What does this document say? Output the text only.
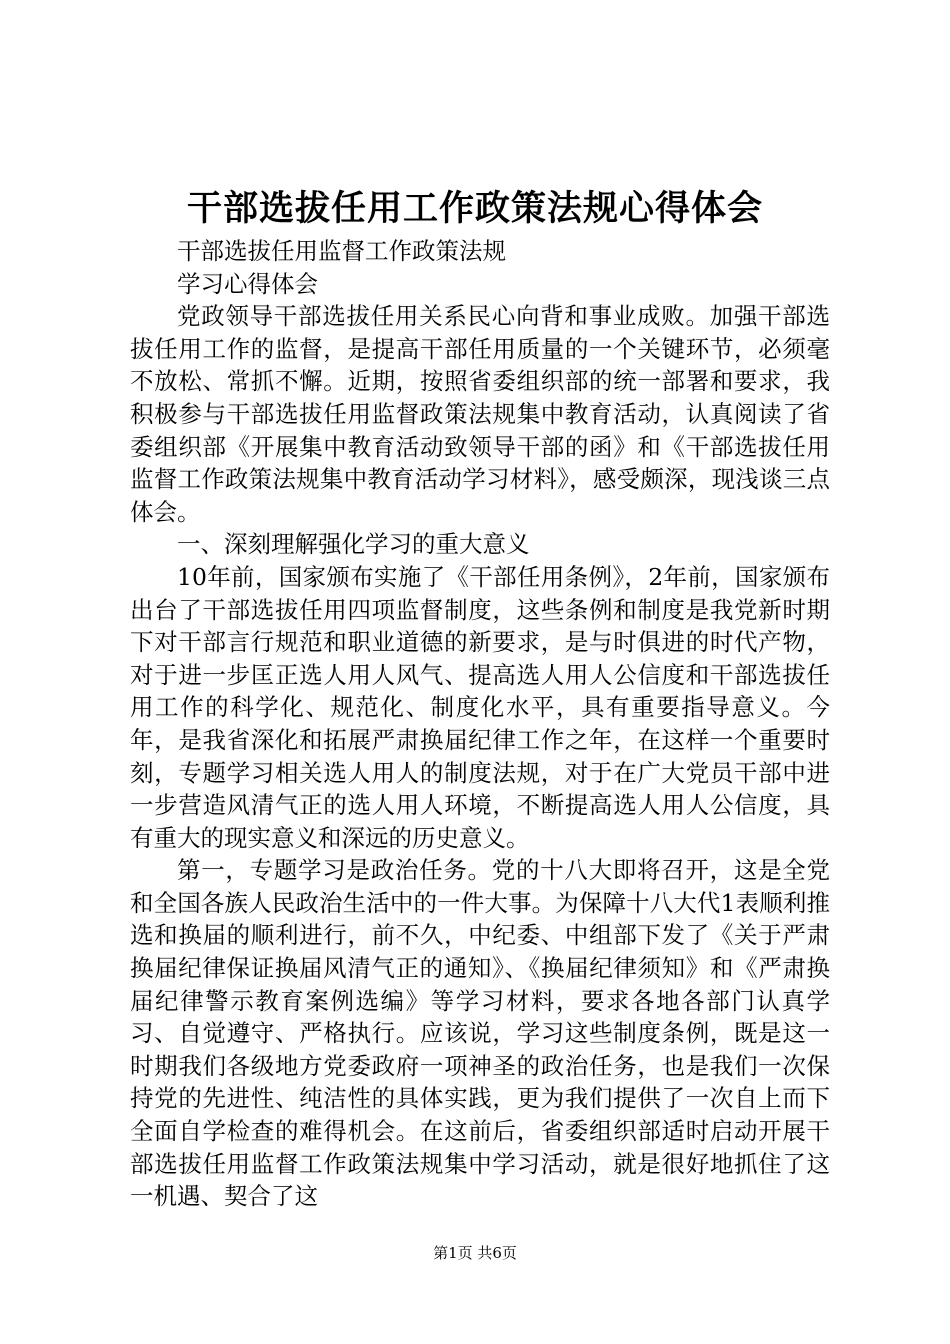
干部选拔任用工作政策法规心得体会

干部选拔任用监督工作政策法规

学习心得体会

党政领导干部选拔任用关系民心向背和事业成败。加强干部选拔任用工作的监督，是提高干部任用质量的一个关键环节，必须毫不放松、常抓不懈。近期，按照省委组织部的统一部署和要求，我积极参与干部选拔任用监督政策法规集中教育活动，认真阅读了省委组织部《开展集中教育活动致领导干部的函》和《干部选拔任用监督工作政策法规集中教育活动学习材料》，感受颇深，现浅谈三点体会。

一、深刻理解强化学习的重大意义

10年前，国家颁布实施了《干部任用条例》，2年前，国家颁布出台了干部选拔任用四项监督制度，这些条例和制度是我党新时期下对干部言行规范和职业道德的新要求，是与时俱进的时代产物，对于进一步匡正选人用人风气、提高选人用人公信度和干部选拔任用工作的科学化、规范化、制度化水平，具有重要指导意义。今年，是我省深化和拓展严肃换届纪律工作之年，在这样一个重要时刻，专题学习相关选人用人的制度法规，对于在广大党员干部中进一步营造风清气正的选人用人环境，不断提高选人用人公信度，具有重大的现实意义和深远的历史意义。

第一，专题学习是政治任务。党的十八大即将召开，这是全党和全国各族人民政治生活中的一件大事。为保障十八大代1表顺利推选和换届的顺利进行，前不久，中纪委、中组部下发了《关于严肃换届纪律保证换届风清气正的通知》、《换届纪律须知》和《严肃换届纪律警示教育案例选编》等学习材料，要求各地各部门认真学习、自觉遵守、严格执行。应该说，学习这些制度条例，既是这一时期我们各级地方党委政府一项神圣的政治任务，也是我们一次保持党的先进性、纯洁性的具体实践，更为我们提供了一次自上而下全面自学检查的难得机会。在这前后，省委组织部适时启动开展干部选拔任用监督工作政策法规集中学习活动，就是很好地抓住了这一机遇、契合了这

第1页 共6页
